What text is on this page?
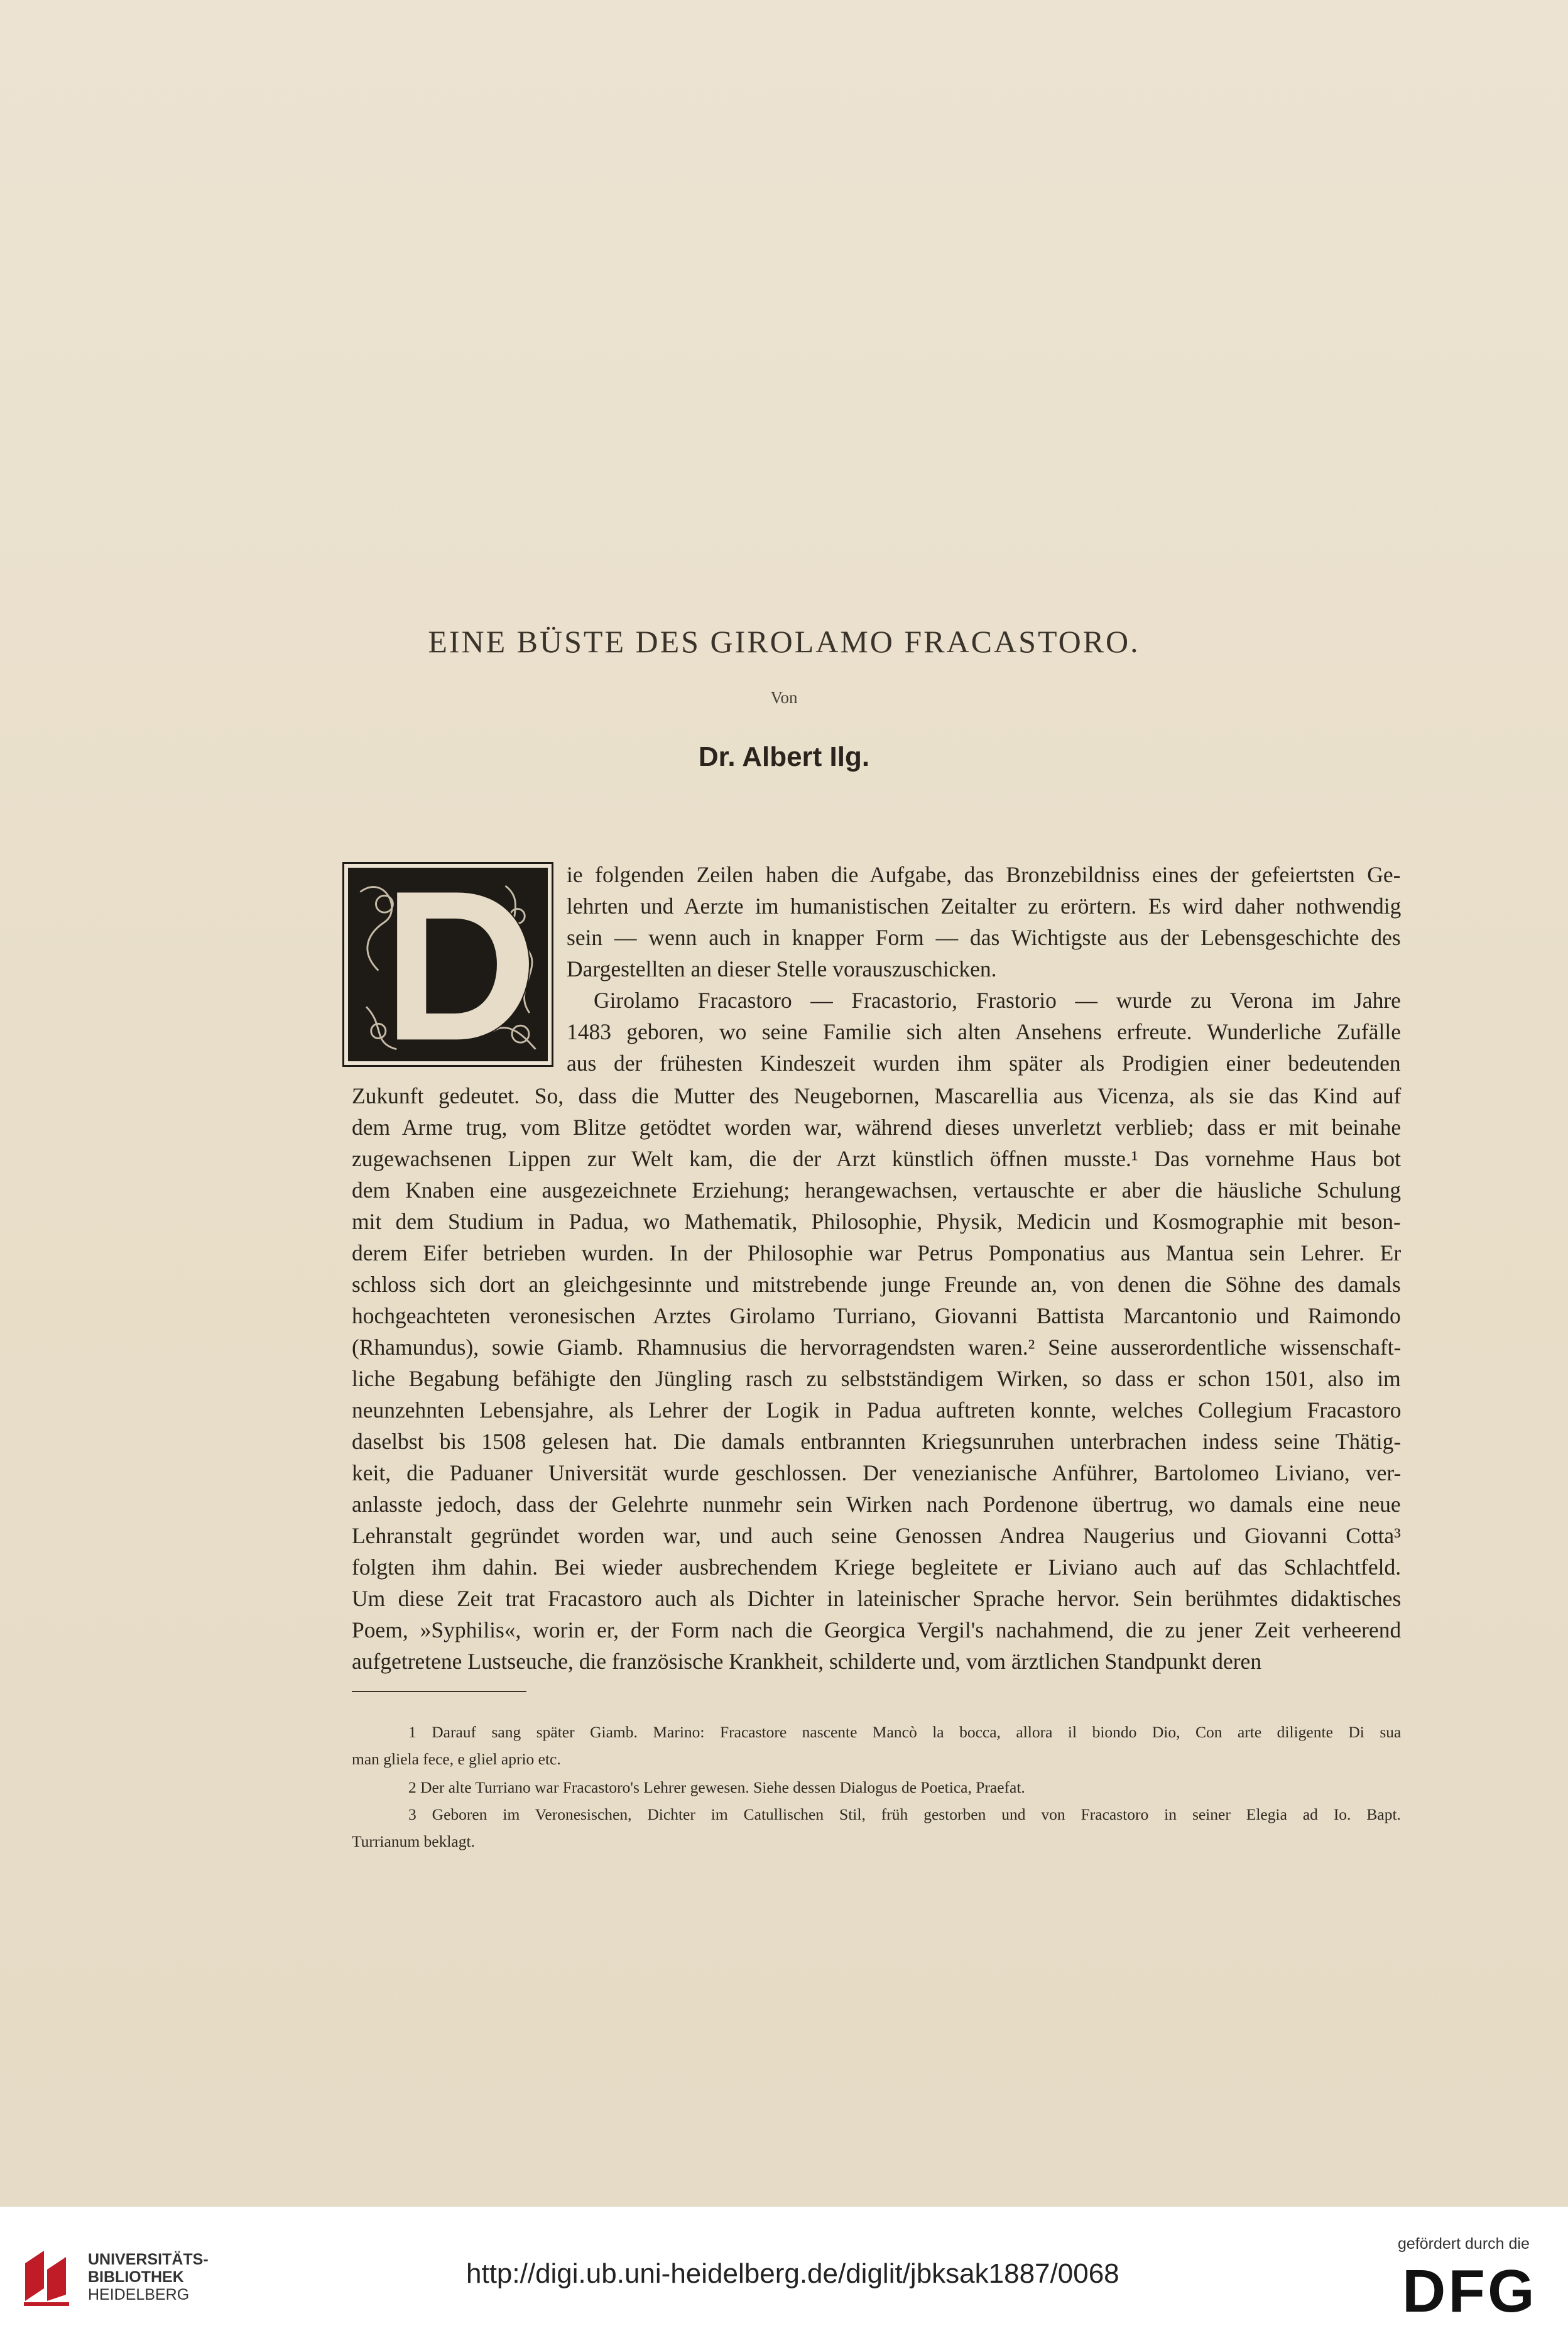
EINE BÜSTE DES GIROLAMO FRACASTORO.
Von
Dr. Albert Ilg.
ie folgenden Zeilen haben die Aufgabe, das Bronzebildniss eines der gefeiertsten Ge-
lehrten und Aerzte im humanistischen Zeitalter zu erörtern. Es wird daher nothwendig
sein — wenn auch in knapper Form — das Wichtigste aus der Lebensgeschichte des
Dargestellten an dieser Stelle vorauszuschicken.
Girolamo Fracastoro — Fracastorio, Frastorio — wurde zu Verona im Jahre
1483 geboren, wo seine Familie sich alten Ansehens erfreute. Wunderliche Zufälle
aus der frühesten Kindeszeit wurden ihm später als Prodigien einer bedeutenden
Zukunft gedeutet. So, dass die Mutter des Neugebornen, Mascarellia aus Vicenza, als sie das Kind auf
dem Arme trug, vom Blitze getödtet worden war, während dieses unverletzt verblieb; dass er mit beinahe
zugewachsenen Lippen zur Welt kam, die der Arzt künstlich öffnen musste.¹ Das vornehme Haus bot
dem Knaben eine ausgezeichnete Erziehung; herangewachsen, vertauschte er aber die häusliche Schulung
mit dem Studium in Padua, wo Mathematik, Philosophie, Physik, Medicin und Kosmographie mit beson-
derem Eifer betrieben wurden. In der Philosophie war Petrus Pomponatius aus Mantua sein Lehrer. Er
schloss sich dort an gleichgesinnte und mitstrebende junge Freunde an, von denen die Söhne des damals
hochgeachteten veronesischen Arztes Girolamo Turriano, Giovanni Battista Marcantonio und Raimondo
(Rhamundus), sowie Giamb. Rhamnusius die hervorragendsten waren.² Seine ausserordentliche wissenschaft-
liche Begabung befähigte den Jüngling rasch zu selbstständigem Wirken, so dass er schon 1501, also im
neunzehnten Lebensjahre, als Lehrer der Logik in Padua auftreten konnte, welches Collegium Fracastoro
daselbst bis 1508 gelesen hat. Die damals entbrannten Kriegsunruhen unterbrachen indess seine Thätig-
keit, die Paduaner Universität wurde geschlossen. Der venezianische Anführer, Bartolomeo Liviano, ver-
anlasste jedoch, dass der Gelehrte nunmehr sein Wirken nach Pordenone übertrug, wo damals eine neue
Lehranstalt gegründet worden war, und auch seine Genossen Andrea Naugerius und Giovanni Cotta³
folgten ihm dahin. Bei wieder ausbrechendem Kriege begleitete er Liviano auch auf das Schlachtfeld.
Um diese Zeit trat Fracastoro auch als Dichter in lateinischer Sprache hervor. Sein berühmtes didaktisches
Poem, »Syphilis«, worin er, der Form nach die Georgica Vergil's nachahmend, die zu jener Zeit verheerend
aufgetretene Lustseuche, die französische Krankheit, schilderte und, vom ärztlichen Standpunkt deren
1 Darauf sang später Giamb. Marino: Fracastore nascente Mancò la bocca, allora il biondo Dio, Con arte diligente Di sua
man gliela fece, e gliel aprio etc.
2 Der alte Turriano war Fracastoro's Lehrer gewesen. Siehe dessen Dialogus de Poetica, Praefat.
3 Geboren im Veronesischen, Dichter im Catullischen Stil, früh gestorben und von Fracastoro in seiner Elegia ad Io. Bapt.
Turrianum beklagt.
UNIVERSITÄTS-
BIBLIOTHEK
HEIDELBERG
http://digi.ub.uni-heidelberg.de/diglit/jbksak1887/0068
gefördert durch die
DFG
